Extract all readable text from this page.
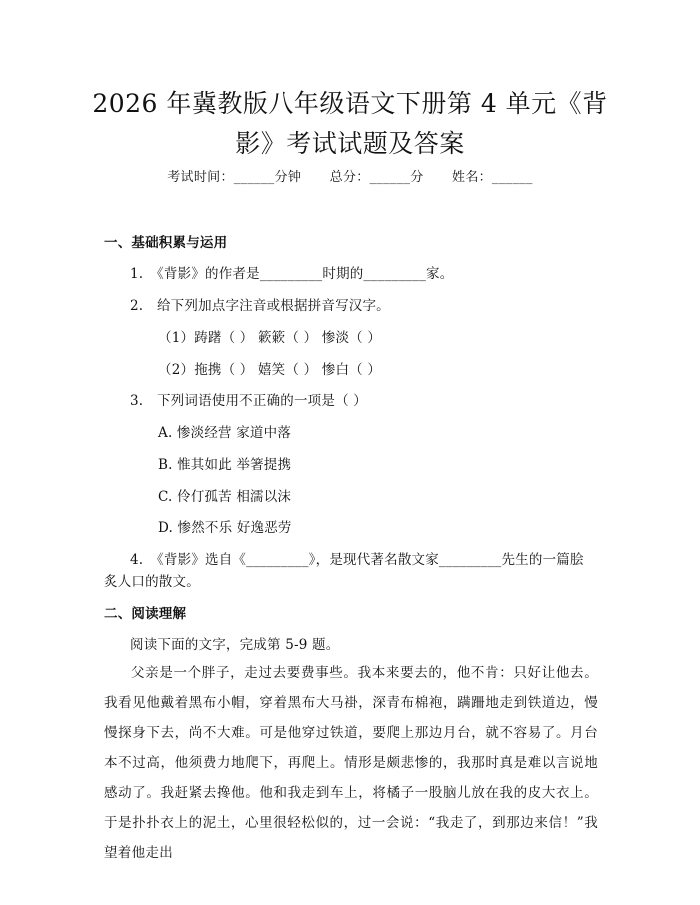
2026 年冀教版八年级语文下册第 4 单元《背
影》考试试题及答案
考试时间：______分钟 总分：______分 姓名：______
一、基础积累与运用
1.　《背影》的作者是_________时期的_________家。
2.　给下列加点字注音或根据拼音写汉字。
（1）踌躇（ ） 簌簌（ ） 惨淡（ ）
（2）拖携（ ） 嬉笑（ ） 惨白（ ）
3.　下列词语使用不正确的一项是（ ）
A. 惨淡经营 家道中落
B. 惟其如此 举箸提携
C. 伶仃孤苦 相濡以沫
D. 惨然不乐 好逸恶劳
4.　《背影》选自《_________》，是现代著名散文家_________先生的一篇脍
炙人口的散文。
二、阅读理解
阅读下面的文字，完成第 5-9 题。
父亲是一个胖子，走过去要费事些。我本来要去的，他不肯：只好让他去。我看见他戴着黑布小帽，穿着黑布大马褂，深青布棉袍，蹒跚地走到铁道边，慢慢探身下去，尚不大难。可是他穿过铁道，要爬上那边月台，就不容易了。月台本不过高，他须费力地爬下，再爬上。情形是颇悲惨的，我那时真是难以言说地感动了。我赶紧去搀他。他和我走到车上，将橘子一股脑儿放在我的皮大衣上。于是扑扑衣上的泥土，心里很轻松似的，过一会说：“我走了，到那边来信！”我望着他走出
